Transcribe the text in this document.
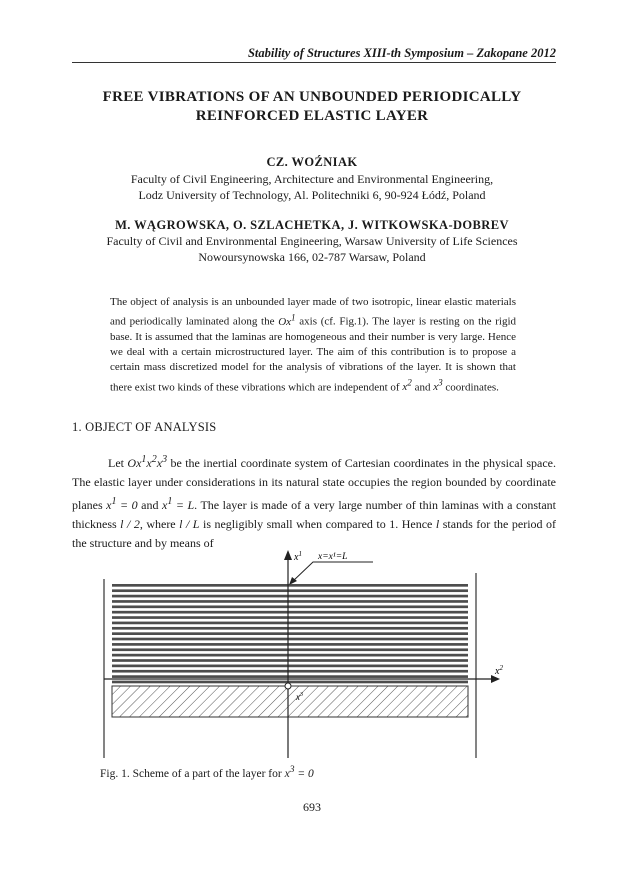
Stability of Structures XIII-th Symposium – Zakopane 2012
FREE VIBRATIONS OF AN UNBOUNDED PERIODICALLY
REINFORCED ELASTIC LAYER
CZ. WOŹNIAK
Faculty of Civil Engineering, Architecture and Environmental Engineering,
Lodz University of Technology, Al. Politechniki 6, 90-924 Łódź, Poland
M. WĄGROWSKA, O. SZLACHETKA, J. WITKOWSKA-DOBREV
Faculty of Civil and Environmental Engineering, Warsaw University of Life Sciences
Nowoursynowska 166, 02-787 Warsaw, Poland

The object of analysis is an unbounded layer made of two isotropic, linear elastic materials and periodically laminated along the Ox$^1$ axis (cf. Fig.1). The layer is resting on the rigid base. It is assumed that the laminas are homogeneous and their number is very large. Hence we deal with a certain microstructured layer. The aim of this contribution is to propose a certain mass discretized model for the analysis of vibrations of the layer. It is shown that there exist two kinds of these vibrations which are independent of $x^2$ and $x^3$ coordinates.

1. OBJECT OF ANALYSIS

Let $Ox^1x^2x^3$ be the inertial coordinate system of Cartesian coordinates in the physical space. The elastic layer under considerations in its natural state occupies the region bounded by coordinate planes $x^1 = 0$ and $x^1 = L$. The layer is made of a very large number of thin laminas with a constant thickness l / 2, where l / L is negligibly small when compared to 1. Hence l stands for the period of the structure and by means of

$x^1$
$x^2$
$x^3$
x=x¹=L
Fig. 1. Scheme of a part of the layer for $x^3 = 0$
693
